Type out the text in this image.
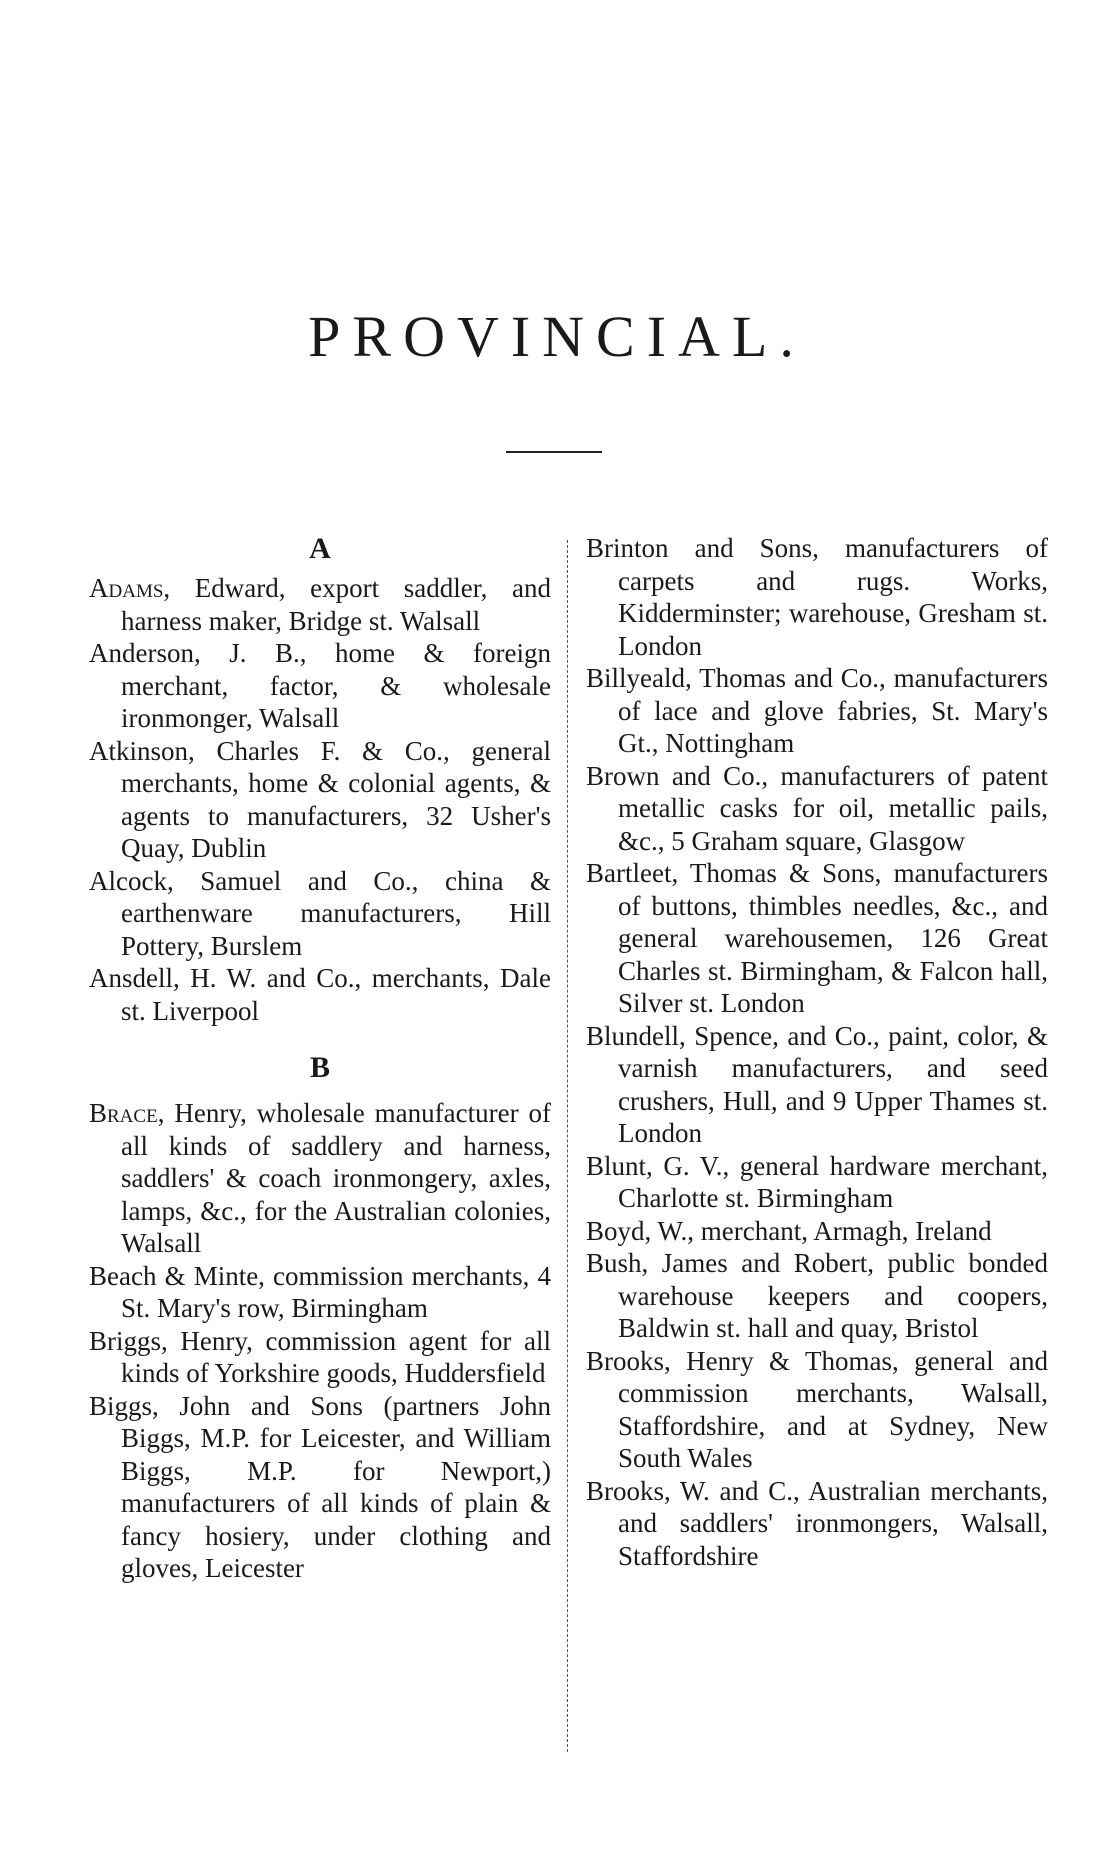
PROVINCIAL.

A

Adams, Edward, export saddler, and harness maker, Bridge st. Walsall

Anderson, J. B., home & foreign merchant, factor, & wholesale ironmonger, Walsall

Atkinson, Charles F. & Co., general merchants, home & colonial agents, & agents to manufacturers, 32 Usher's Quay, Dublin

Alcock, Samuel and Co., china & earthenware manufacturers, Hill Pottery, Burslem

Ansdell, H. W. and Co., merchants, Dale st. Liverpool

B

Brace, Henry, wholesale manufacturer of all kinds of saddlery and harness, saddlers' & coach ironmongery, axles, lamps, &c., for the Australian colonies, Walsall

Beach & Minte, commission merchants, 4 St. Mary's row, Birmingham

Briggs, Henry, commission agent for all kinds of Yorkshire goods, Huddersfield

Biggs, John and Sons (partners John Biggs, M.P. for Leicester, and William Biggs, M.P. for Newport,) manufacturers of all kinds of plain & fancy hosiery, under clothing and gloves, Leicester

Brinton and Sons, manufacturers of carpets and rugs. Works, Kidderminster; warehouse, Gresham st. London

Billyeald, Thomas and Co., manufacturers of lace and glove fabries, St. Mary's Gt., Nottingham

Brown and Co., manufacturers of patent metallic casks for oil, metallic pails, &c., 5 Graham square, Glasgow

Bartleet, Thomas & Sons, manufacturers of buttons, thimbles needles, &c., and general warehousemen, 126 Great Charles st. Birmingham, & Falcon hall, Silver st. London

Blundell, Spence, and Co., paint, color, & varnish manufacturers, and seed crushers, Hull, and 9 Upper Thames st. London

Blunt, G. V., general hardware merchant, Charlotte st. Birmingham

Boyd, W., merchant, Armagh, Ireland

Bush, James and Robert, public bonded warehouse keepers and coopers, Baldwin st. hall and quay, Bristol

Brooks, Henry & Thomas, general and commission merchants, Walsall, Staffordshire, and at Sydney, New South Wales

Brooks, W. and C., Australian merchants, and saddlers' ironmongers, Walsall, Staffordshire
